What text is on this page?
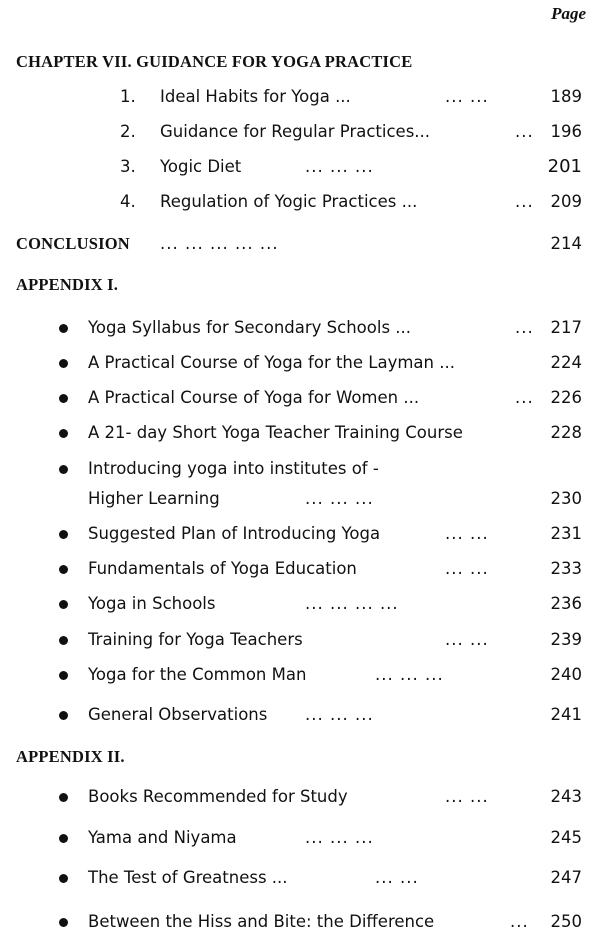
Page
CHAPTER VII. GUIDANCE FOR YOGA PRACTICE
1. Ideal Habits for Yoga ...	... ...	189
2. Guidance for Regular Practices...	... 196
3. Yogic Diet	... ... ...	201
4. Regulation of Yogic Practices ...	... 209
CONCLUSION ... ... ... ... ...	214
APPENDIX I.
Yoga Syllabus for Secondary Schools ...	... 217
A Practical Course of Yoga for the Layman ...	224
A Practical Course of Yoga for Women ...	... 226
A 21- day Short Yoga Teacher Training Course	228
Introducing yoga into institutes of -
Higher Learning	... ... ...	230
Suggested Plan of Introducing Yoga	... ...	231
Fundamentals of Yoga Education	... ...	233
Yoga in Schools	... ... ... ...	236
Training for Yoga Teachers	... ...	239
Yoga for the Common Man	... ... ...	240
General Observations ... ... ...	241
APPENDIX II.
Books Recommended for Study	... ...	243
Yama and Niyama	... ... ...	245
The Test of Greatness ...	... ...	247
Between the Hiss and Bite: the Difference	... 250
